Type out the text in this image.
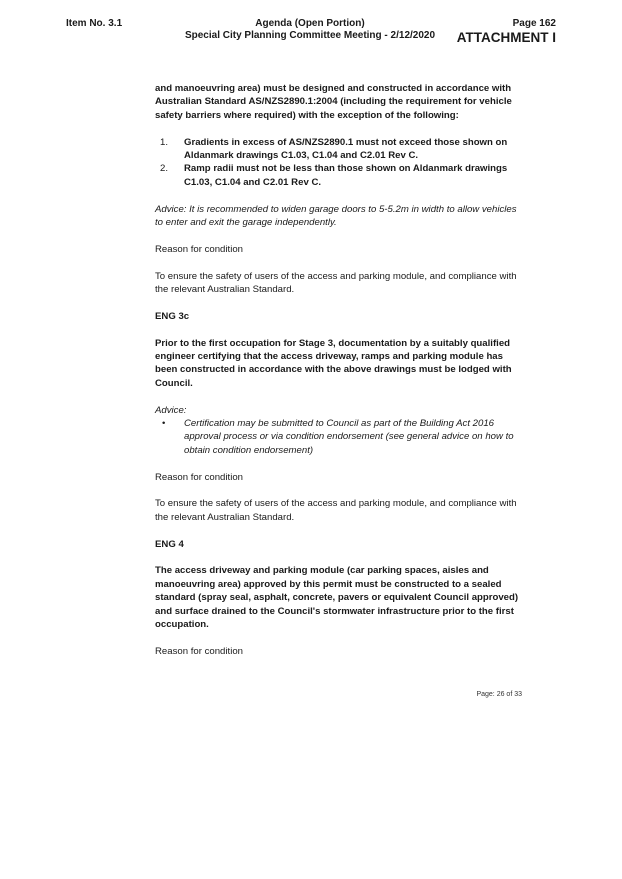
Item No. 3.1	Agenda (Open Portion)
Special City Planning Committee Meeting - 2/12/2020
Page 162
ATTACHMENT I

and manoeuvring area) must be designed and constructed in accordance with Australian Standard AS/NZS2890.1:2004 (including the requirement for vehicle safety barriers where required) with the exception of the following:

1. Gradients in excess of AS/NZS2890.1 must not exceed those shown on Aldanmark drawings C1.03, C1.04 and C2.01 Rev C.
2. Ramp radii must not be less than those shown on Aldanmark drawings C1.03, C1.04 and C2.01 Rev C.

Advice: It is recommended to widen garage doors to 5-5.2m in width to allow vehicles to enter and exit the garage independently.

Reason for condition

To ensure the safety of users of the access and parking module, and compliance with the relevant Australian Standard.

ENG 3c

Prior to the first occupation for Stage 3, documentation by a suitably qualified engineer certifying that the access driveway, ramps and parking module has been constructed in accordance with the above drawings must be lodged with Council.

Advice:

• Certification may be submitted to Council as part of the Building Act 2016 approval process or via condition endorsement (see general advice on how to obtain condition endorsement)

Reason for condition

To ensure the safety of users of the access and parking module, and compliance with the relevant Australian Standard.

ENG 4

The access driveway and parking module (car parking spaces, aisles and manoeuvring area) approved by this permit must be constructed to a sealed standard (spray seal, asphalt, concrete, pavers or equivalent Council approved) and surface drained to the Council's stormwater infrastructure prior to the first occupation.

Reason for condition

Page: 26 of 33
